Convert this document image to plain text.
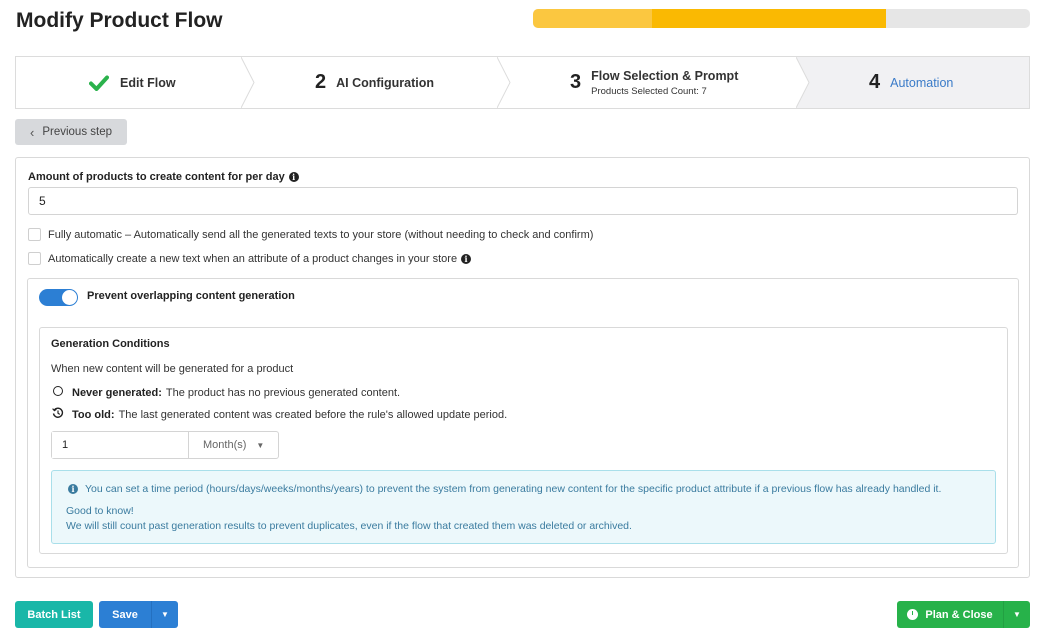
Modify Product Flow
Edit Flow	2 AI Configuration	3 Flow Selection & Prompt
Products Selected Count: 7	4 Automation
‹ Previous step
Amount of products to create content for per day i
5
Fully automatic – Automatically send all the generated texts to your store (without needing to check and confirm)
Automatically create a new text when an attribute of a product changes in your store i
Prevent overlapping content generation
Generation Conditions
When new content will be generated for a product
Never generated: The product has no previous generated content.
Too old: The last generated content was created before the rule's allowed update period.
1
Month(s) ▼
i You can set a time period (hours/days/weeks/months/years) to prevent the system from generating new content for the specific product attribute if a previous flow has already handled it.
Good to know!
We will still count past generation results to prevent duplicates, even if the flow that created them was deleted or archived.
Batch List	Save	▼	Plan & Close	▼
